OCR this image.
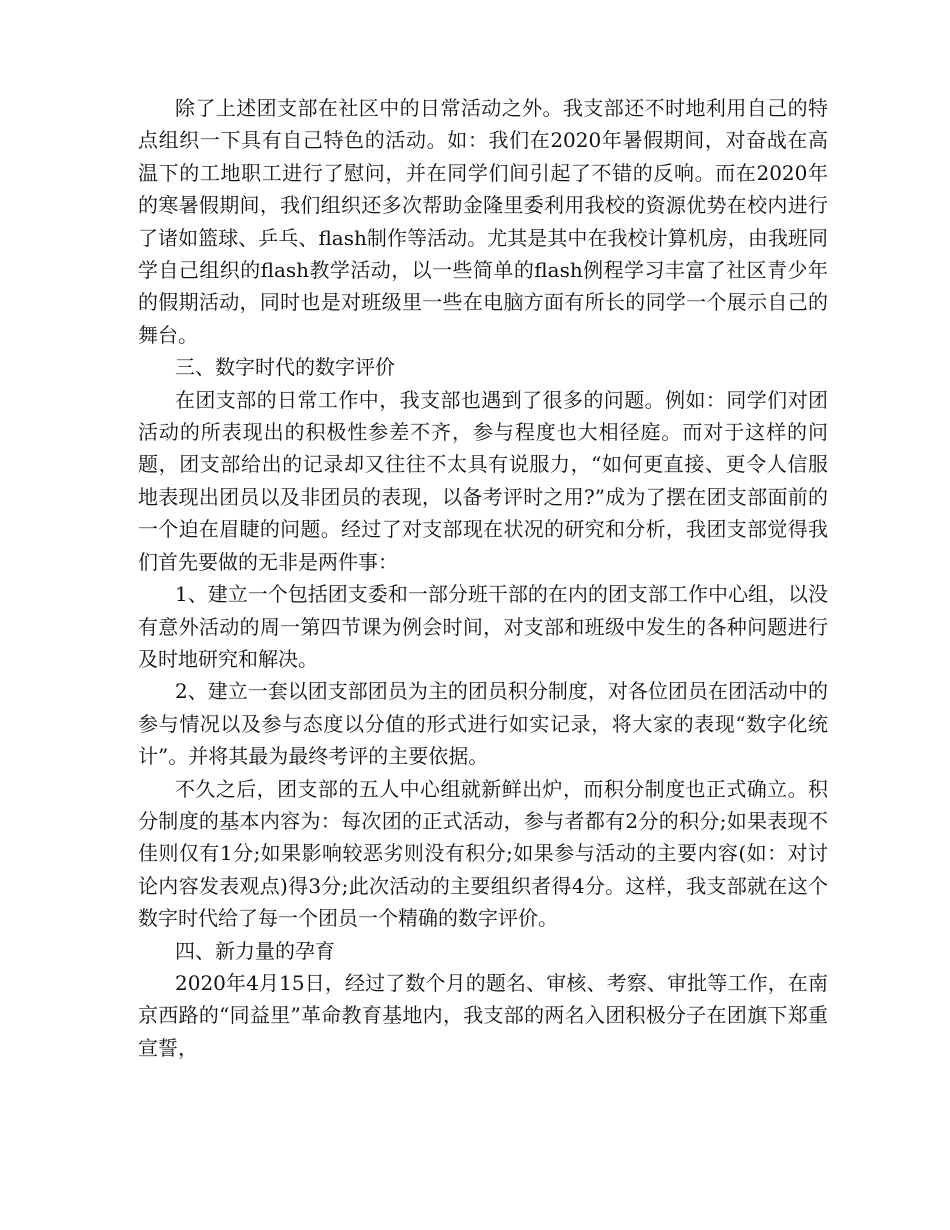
除了上述团支部在社区中的日常活动之外。我支部还不时地利用自己的特点组织一下具有自己特色的活动。如：我们在2020年暑假期间，对奋战在高温下的工地职工进行了慰问，并在同学们间引起了不错的反响。而在2020年的寒暑假期间，我们组织还多次帮助金隆里委利用我校的资源优势在校内进行了诸如篮球、乒乓、flash制作等活动。尤其是其中在我校计算机房，由我班同学自己组织的flash教学活动，以一些简单的flash例程学习丰富了社区青少年的假期活动，同时也是对班级里一些在电脑方面有所长的同学一个展示自己的舞台。

三、数字时代的数字评价

在团支部的日常工作中，我支部也遇到了很多的问题。例如：同学们对团活动的所表现出的积极性参差不齐，参与程度也大相径庭。而对于这样的问题，团支部给出的记录却又往往不太具有说服力，“如何更直接、更令人信服地表现出团员以及非团员的表现，以备考评时之用?”成为了摆在团支部面前的一个迫在眉睫的问题。经过了对支部现在状况的研究和分析，我团支部觉得我们首先要做的无非是两件事：

1、建立一个包括团支委和一部分班干部的在内的团支部工作中心组，以没有意外活动的周一第四节课为例会时间，对支部和班级中发生的各种问题进行及时地研究和解决。

2、建立一套以团支部团员为主的团员积分制度，对各位团员在团活动中的参与情况以及参与态度以分值的形式进行如实记录，将大家的表现“数字化统计”。并将其最为最终考评的主要依据。

不久之后，团支部的五人中心组就新鲜出炉，而积分制度也正式确立。积分制度的基本内容为：每次团的正式活动，参与者都有2分的积分;如果表现不佳则仅有1分;如果影响较恶劣则没有积分;如果参与活动的主要内容(如：对讨论内容发表观点)得3分;此次活动的主要组织者得4分。这样，我支部就在这个数字时代给了每一个团员一个精确的数字评价。

四、新力量的孕育

2020年4月15日，经过了数个月的题名、审核、考察、审批等工作，在南京西路的“同益里”革命教育基地内，我支部的两名入团积极分子在团旗下郑重宣誓，
